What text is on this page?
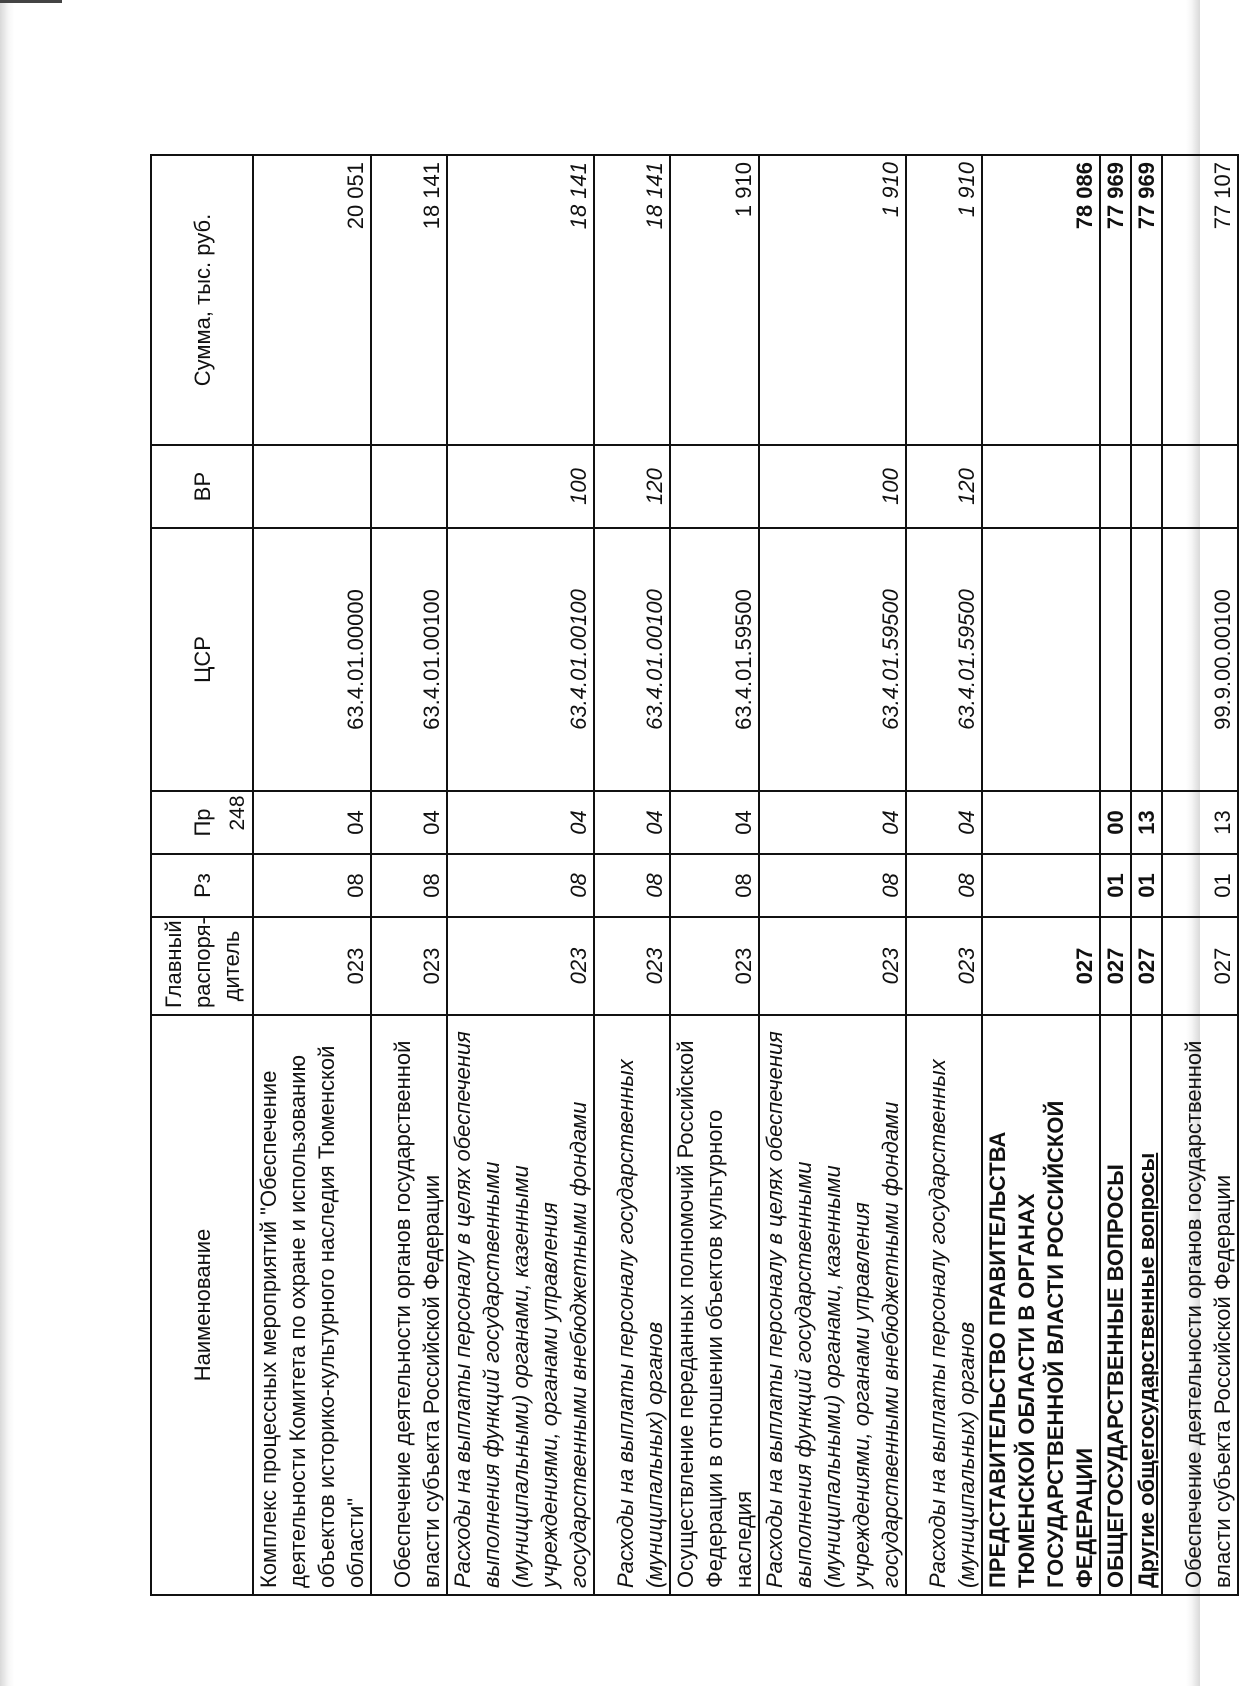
248
Наименование	Главный распоря-дитель	Рз	Пр	ЦСР	ВР	Сумма, тыс. руб.
Комплекс процессных мероприятий "Обеспечение деятельности Комитета по охране и использованию объектов историко-культурного наследия Тюменской области"	023	08	04	63.4.01.00000		20 051
Обеспечение деятельности органов государственной власти субъекта Российской Федерации	023	08	04	63.4.01.00100		18 141
Расходы на выплаты персоналу в целях обеспечения выполнения функций государственными (муниципальными) органами, казенными учреждениями, органами управления государственными внебюджетными фондами	023	08	04	63.4.01.00100	100	18 141
Расходы на выплаты персоналу государственных (муниципальных) органов	023	08	04	63.4.01.00100	120	18 141
Осуществление переданных полномочий Российской Федерации в отношении объектов культурного наследия	023	08	04	63.4.01.59500		1 910
Расходы на выплаты персоналу в целях обеспечения выполнения функций государственными (муниципальными) органами, казенными учреждениями, органами управления государственными внебюджетными фондами	023	08	04	63.4.01.59500	100	1 910
Расходы на выплаты персоналу государственных (муниципальных) органов	023	08	04	63.4.01.59500	120	1 910
ПРЕДСТАВИТЕЛЬСТВО ПРАВИТЕЛЬСТВА ТЮМЕНСКОЙ ОБЛАСТИ В ОРГАНАХ ГОСУДАРСТВЕННОЙ ВЛАСТИ РОССИЙСКОЙ ФЕДЕРАЦИИ	027					78 086
ОБЩЕГОСУДАРСТВЕННЫЕ ВОПРОСЫ	027	01	00			77 969
Другие общегосударственные вопросы	027	01	13			77 969
Обеспечение деятельности органов государственной власти субъекта Российской Федерации	027	01	13	99.9.00.00100		77 107
